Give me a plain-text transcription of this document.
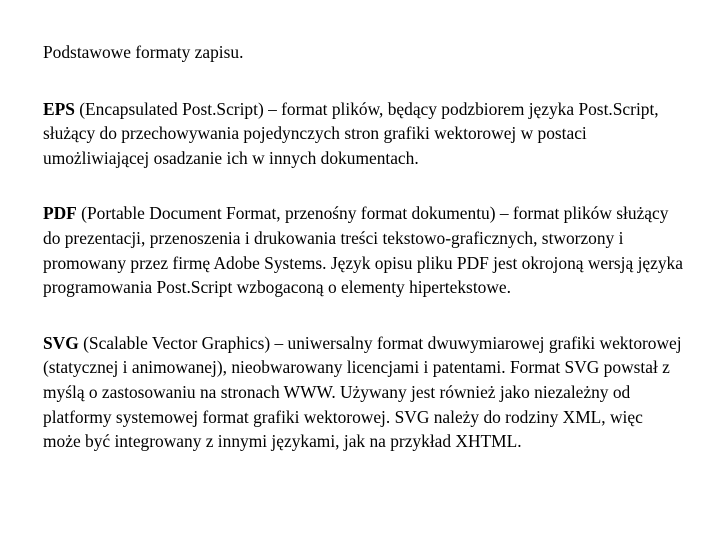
Podstawowe formaty zapisu.

EPS (Encapsulated Post.Script) – format plików, będący podzbiorem języka Post.Script, służący do przechowywania pojedynczych stron grafiki wektorowej w postaci umożliwiającej osadzanie ich w innych dokumentach.

PDF (Portable Document Format, przenośny format dokumentu) – format plików służący do prezentacji, przenoszenia i drukowania treści tekstowo-graficznych, stworzony i promowany przez firmę Adobe Systems. Język opisu pliku PDF jest okrojoną wersją języka programowania Post.Script wzbogaconą o elementy hipertekstowe.

SVG (Scalable Vector Graphics) – uniwersalny format dwuwymiarowej grafiki wektorowej (statycznej i animowanej), nieobwarowany licencjami i patentami. Format SVG powstał z myślą o zastosowaniu na stronach WWW. Używany jest również jako niezależny od platformy systemowej format grafiki wektorowej. SVG należy do rodziny XML, więc może być integrowany z innymi językami, jak na przykład XHTML.
